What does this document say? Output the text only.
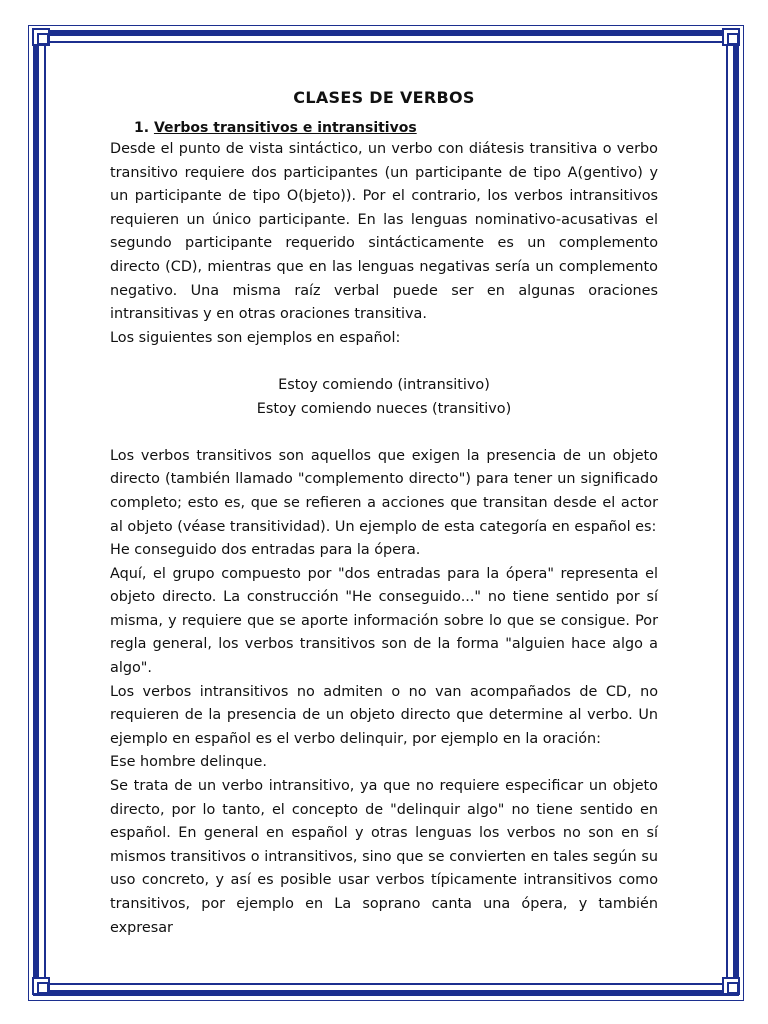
CLASES DE VERBOS
1. Verbos transitivos e intransitivos

Desde el punto de vista sintáctico, un verbo con diátesis transitiva o verbo transitivo requiere dos participantes (un participante de tipo A(gentivo) y un participante de tipo O(bjeto)). Por el contrario, los verbos intransitivos requieren un único participante. En las lenguas nominativo-acusativas el segundo participante requerido sintácticamente es un complemento directo (CD), mientras que en las lenguas negativas sería un complemento negativo. Una misma raíz verbal puede ser en algunas oraciones intransitivas y en otras oraciones transitiva.

Los siguientes son ejemplos en español:

Estoy comiendo (intransitivo)

Estoy comiendo nueces (transitivo)

Los verbos transitivos son aquellos que exigen la presencia de un objeto directo (también llamado "complemento directo") para tener un significado completo; esto es, que se refieren a acciones que transitan desde el actor al objeto (véase transitividad). Un ejemplo de esta categoría en español es:

He conseguido dos entradas para la ópera.

Aquí, el grupo compuesto por "dos entradas para la ópera" representa el objeto directo. La construcción "He conseguido..." no tiene sentido por sí misma, y requiere que se aporte información sobre lo que se consigue. Por regla general, los verbos transitivos son de la forma "alguien hace algo a algo".

Los verbos intransitivos no admiten o no van acompañados de CD, no requieren de la presencia de un objeto directo que determine al verbo. Un ejemplo en español es el verbo delinquir, por ejemplo en la oración:

Ese hombre delinque.

Se trata de un verbo intransitivo, ya que no requiere especificar un objeto directo, por lo tanto, el concepto de "delinquir algo" no tiene sentido en español. En general en español y otras lenguas los verbos no son en sí mismos transitivos o intransitivos, sino que se convierten en tales según su uso concreto, y así es posible usar verbos típicamente intransitivos como transitivos, por ejemplo en La soprano canta una ópera, y también expresar
